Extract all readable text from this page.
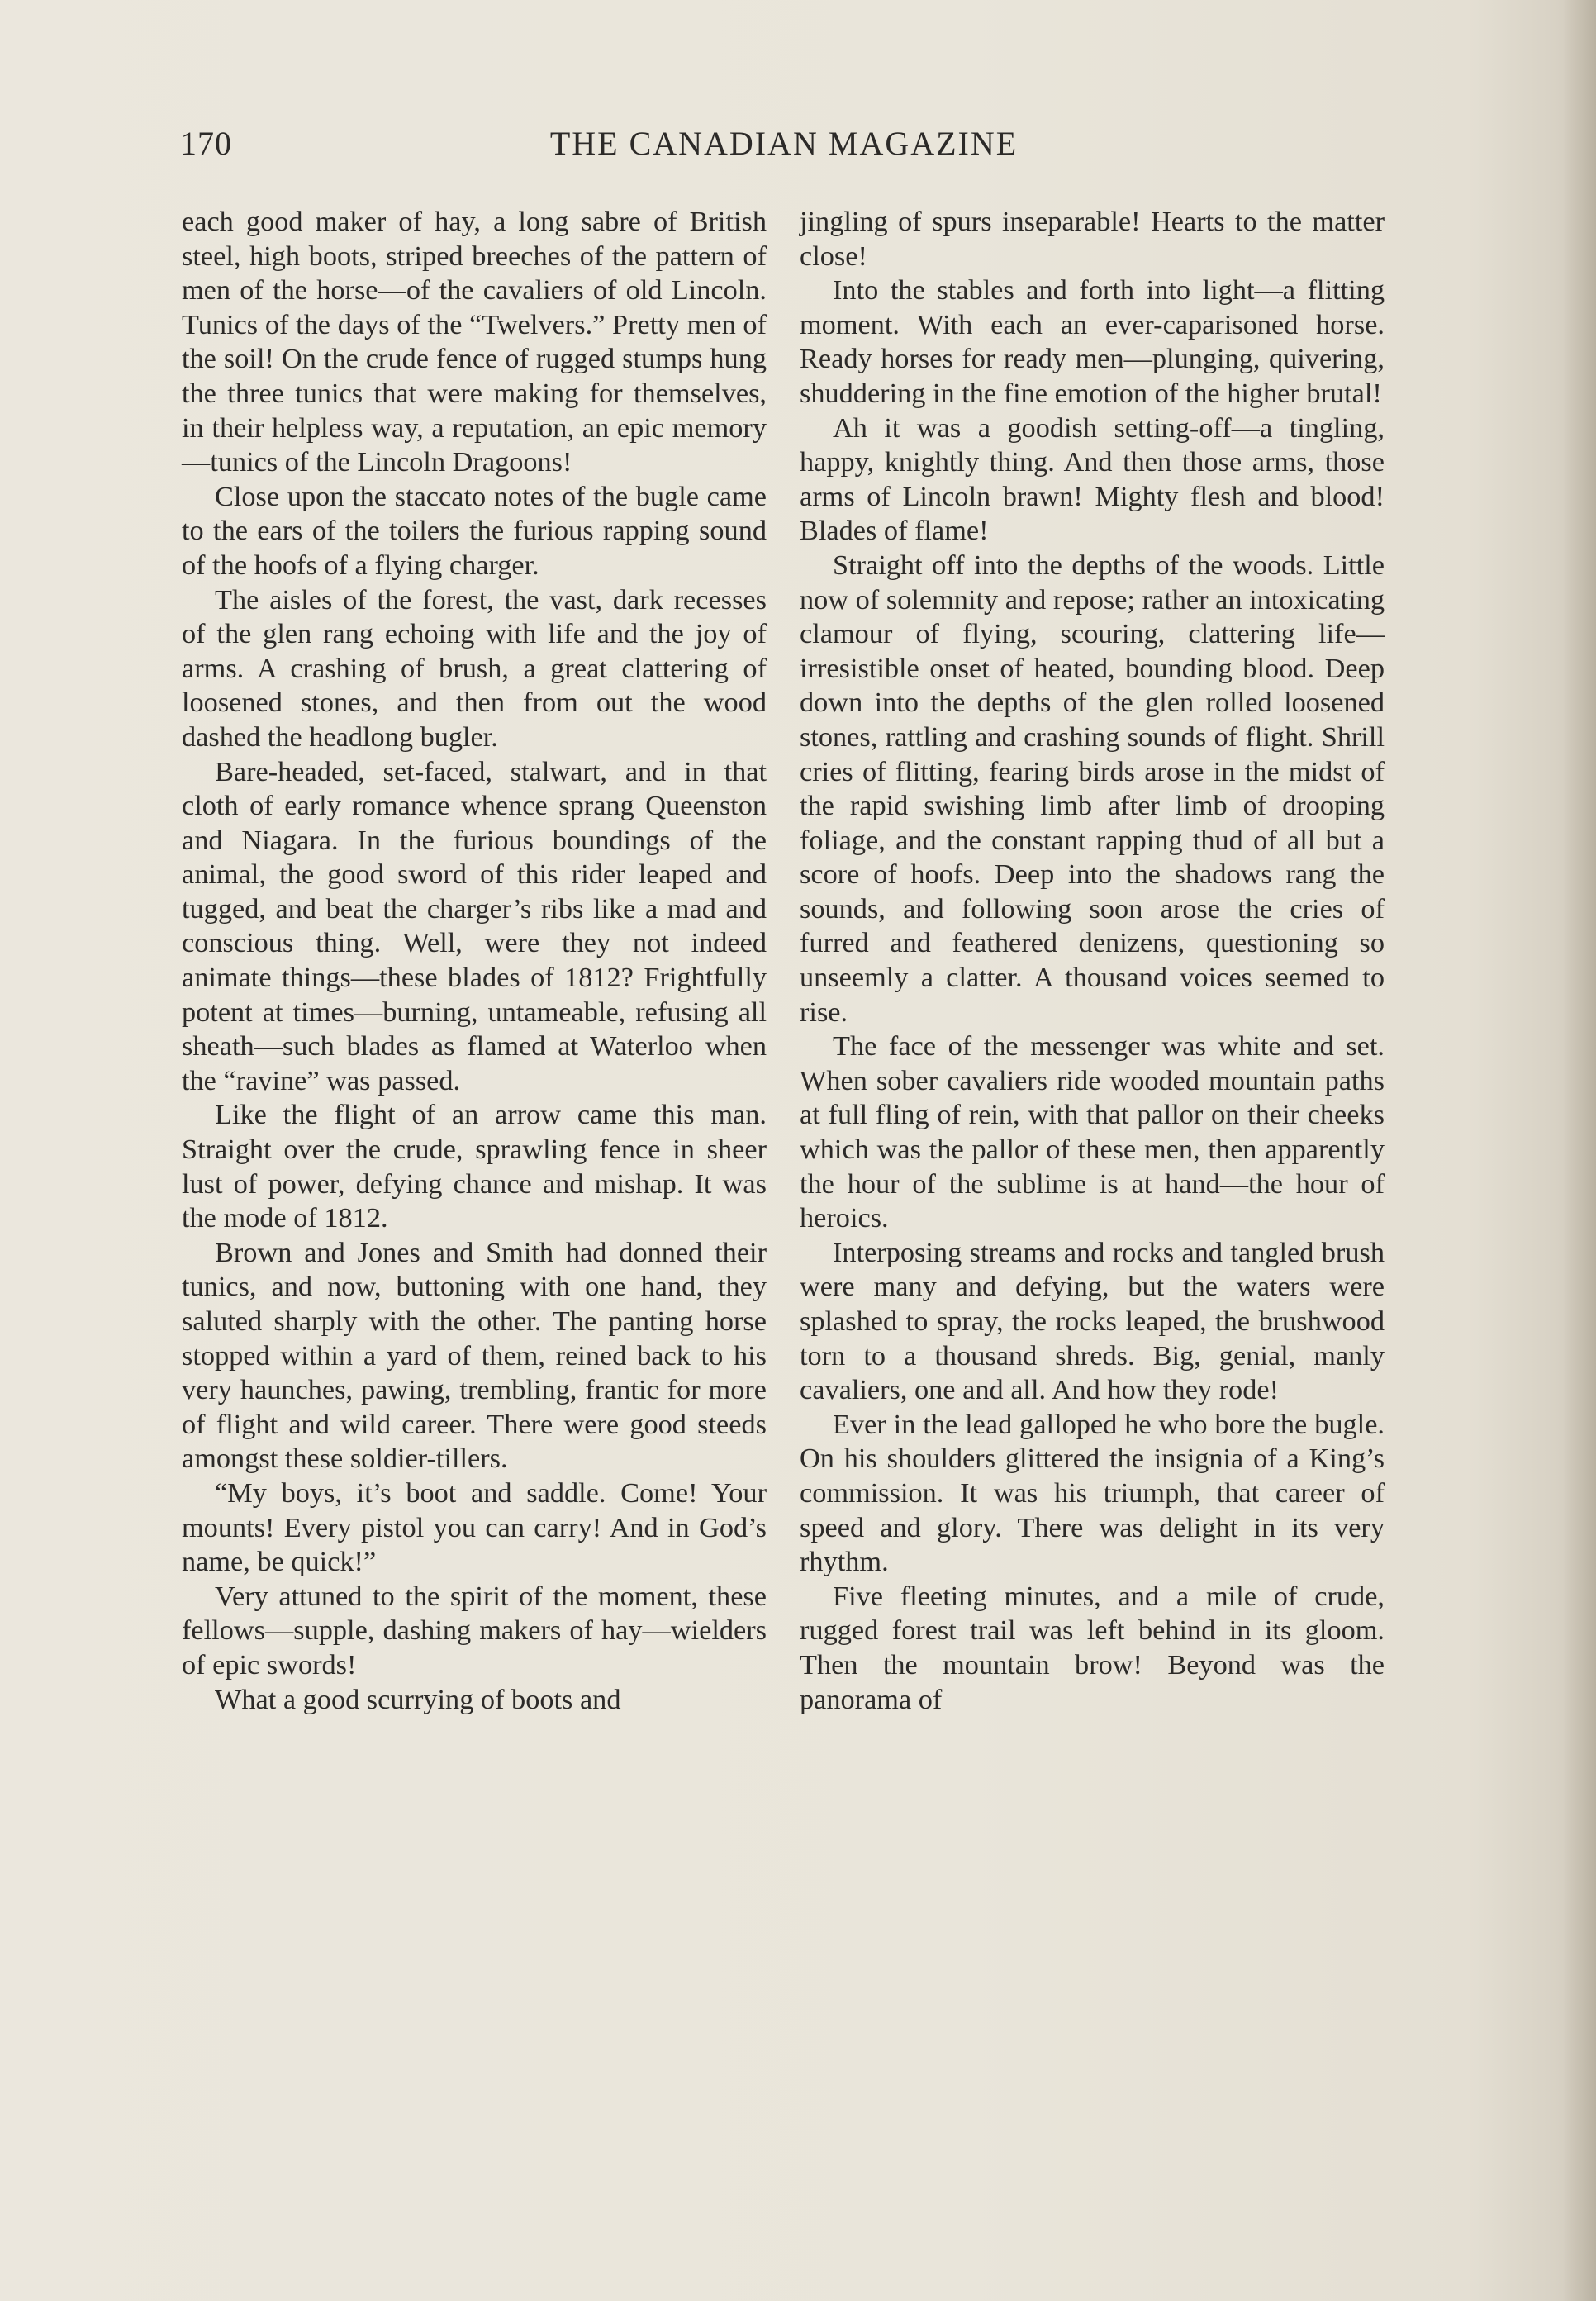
170	THE CANADIAN MAGAZINE

each good maker of hay, a long sabre of British steel, high boots, striped breeches of the pattern of men of the horse—of the cavaliers of old Lincoln. Tunics of the days of the “Twelvers.” Pretty men of the soil! On the crude fence of rugged stumps hung the three tunics that were making for themselves, in their helpless way, a reputation, an epic memory—tunics of the Lincoln Dragoons!

Close upon the staccato notes of the bugle came to the ears of the toilers the furious rapping sound of the hoofs of a flying charger.

The aisles of the forest, the vast, dark recesses of the glen rang echoing with life and the joy of arms. A crashing of brush, a great clattering of loosened stones, and then from out the wood dashed the headlong bugler.

Bare-headed, set-faced, stalwart, and in that cloth of early romance whence sprang Queenston and Niagara. In the furious boundings of the animal, the good sword of this rider leaped and tugged, and beat the charger’s ribs like a mad and conscious thing. Well, were they not indeed animate things—these blades of 1812? Frightfully potent at times—burning, untameable, refusing all sheath—such blades as flamed at Waterloo when the “ravine” was passed.

Like the flight of an arrow came this man. Straight over the crude, sprawling fence in sheer lust of power, defying chance and mishap. It was the mode of 1812.

Brown and Jones and Smith had donned their tunics, and now, buttoning with one hand, they saluted sharply with the other. The panting horse stopped within a yard of them, reined back to his very haunches, pawing, trembling, frantic for more of flight and wild career. There were good steeds amongst these soldier-tillers.

“My boys, it’s boot and saddle. Come! Your mounts! Every pistol you can carry! And in God’s name, be quick!”

Very attuned to the spirit of the moment, these fellows—supple, dashing makers of hay—wielders of epic swords!

What a good scurrying of boots and

jingling of spurs inseparable! Hearts to the matter close!

Into the stables and forth into light—a flitting moment. With each an ever-caparisoned horse. Ready horses for ready men—plunging, quivering, shuddering in the fine emotion of the higher brutal!

Ah it was a goodish setting-off—a tingling, happy, knightly thing. And then those arms, those arms of Lincoln brawn! Mighty flesh and blood! Blades of flame!

Straight off into the depths of the woods. Little now of solemnity and repose; rather an intoxicating clamour of flying, scouring, clattering life—irresistible onset of heated, bounding blood. Deep down into the depths of the glen rolled loosened stones, rattling and crashing sounds of flight. Shrill cries of flitting, fearing birds arose in the midst of the rapid swishing limb after limb of drooping foliage, and the constant rapping thud of all but a score of hoofs. Deep into the shadows rang the sounds, and following soon arose the cries of furred and feathered denizens, questioning so unseemly a clatter. A thousand voices seemed to rise.

The face of the messenger was white and set. When sober cavaliers ride wooded mountain paths at full fling of rein, with that pallor on their cheeks which was the pallor of these men, then apparently the hour of the sublime is at hand—the hour of heroics.

Interposing streams and rocks and tangled brush were many and defying, but the waters were splashed to spray, the rocks leaped, the brushwood torn to a thousand shreds. Big, genial, manly cavaliers, one and all. And how they rode!

Ever in the lead galloped he who bore the bugle. On his shoulders glittered the insignia of a King’s commission. It was his triumph, that career of speed and glory. There was delight in its very rhythm.

Five fleeting minutes, and a mile of crude, rugged forest trail was left behind in its gloom. Then the mountain brow! Beyond was the panorama of
